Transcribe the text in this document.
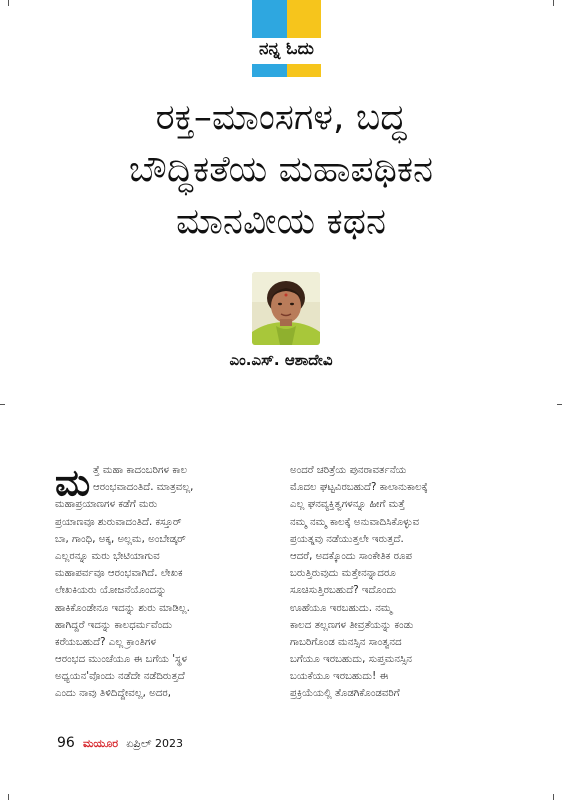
ನನ್ನ ಓದು
ರಕ್ತ–ಮಾಂಸಗಳ, ಬದ್ಧ
ಬೌದ್ಧಿಕತೆಯ ಮಹಾಪಥಿಕನ
ಮಾನವೀಯ ಕಥನ
ಎಂ.ಎಸ್‌. ಆಶಾದೇವಿ
ಮ ತ್ತೆ ಮಹಾ ಕಾದಂಬರಿಗಳ ಕಾಲ
ಆರಂಭವಾದಂತಿದೆ. ಮಾತ್ರವಲ್ಲ,
ಮಹಾಪ್ರಯಾಣಗಳ ಕಡೆಗೆ ಮರು
ಪ್ರಯಾಣವೂ ಶುರುವಾದಂತಿದೆ. ಕಸ್ತೂರ್
ಬಾ, ಗಾಂಧಿ, ಅಕ್ಕ, ಅಲ್ಲಮ, ಅಂಬೇಡ್ಕರ್
ಎಲ್ಲರನ್ನೂ ಮರು ಭೇಟಿಯಾಗುವ
ಮಹಾಪರ್ವವೂ ಆರಂಭವಾಗಿದೆ. ಲೇಖಕ
ಲೇಖಕಿಯರು ಯೋಜನೆಯೊಂದನ್ನು
ಹಾಕಿಕೊಂಡೇನೂ ಇದನ್ನು ಶುರು ಮಾಡಿಲ್ಲ.
ಹಾಗಿದ್ದರೆ ಇದನ್ನು ಕಾಲಧರ್ಮವೆಂದು
ಕರೆಯಬಹುದೆ? ಎಲ್ಲ ಕ್ರಾಂತಿಗಳ
ಆರಂಭದ ಮುಂಚೆಯೂ ಈ ಬಗೆಯ 'ಸ್ಥಳ
ಅಧ್ಯಯನ'ವೊಂದು ನಡೆದೇ ನಡೆದಿರುತ್ತದೆ
ಎಂದು ನಾವು ತಿಳಿದಿದ್ದೇವಲ್ಲ, ಅದರ,
ಅಂದರೆ ಚರಿತ್ರೆಯ ಪುನರಾವರ್ತನೆಯ
ಮೊದಲ ಘಟ್ಟವಿರಬಹುದೆ? ಕಾಲಾನುಕಾಲಕ್ಕೆ
ಎಲ್ಲ ಘನವ್ಯಕ್ತಿತ್ವಗಳನ್ನೂ ಹೀಗೆ ಮತ್ತೆ
ನಮ್ಮ ನಮ್ಮ ಕಾಲಕ್ಕೆ ಅನುವಾದಿಸಿಕೊಳ್ಳುವ
ಪ್ರಯತ್ನವು ನಡೆಯುತ್ತಲೇ ಇರುತ್ತದೆ.
ಆದರೆ, ಅದಕ್ಕೊಂದು ಸಾಂಕೇತಿಕ ರೂಪ
ಬರುತ್ತಿರುವುದು ಮತ್ತೇನನ್ನಾದರೂ
ಸೂಚಿಸುತ್ತಿರಬಹುದೆ? ಇದೊಂದು
ಊಹೆಯೂ ಇರಬಹುದು. ನಮ್ಮ
ಕಾಲದ ತಲ್ಲಣಗಳ ತೀವ್ರತೆಯನ್ನು ಕಂಡು
ಗಾಬರಿಗೊಂಡ ಮನಸ್ಸಿನ ಸಾಂತ್ವನದ
ಬಗೆಯೂ ಇರಬಹುದು, ಸುಪ್ತಮನಸ್ಸಿನ
ಬಯಕೆಯೂ ಇರಬಹುದು! ಈ
ಪ್ರಕ್ರಿಯೆಯಲ್ಲಿ ತೊಡಗಿಕೊಂಡವರಿಗೆ
96 ಮಯೂರ ಏಪ್ರಿಲ್ 2023
